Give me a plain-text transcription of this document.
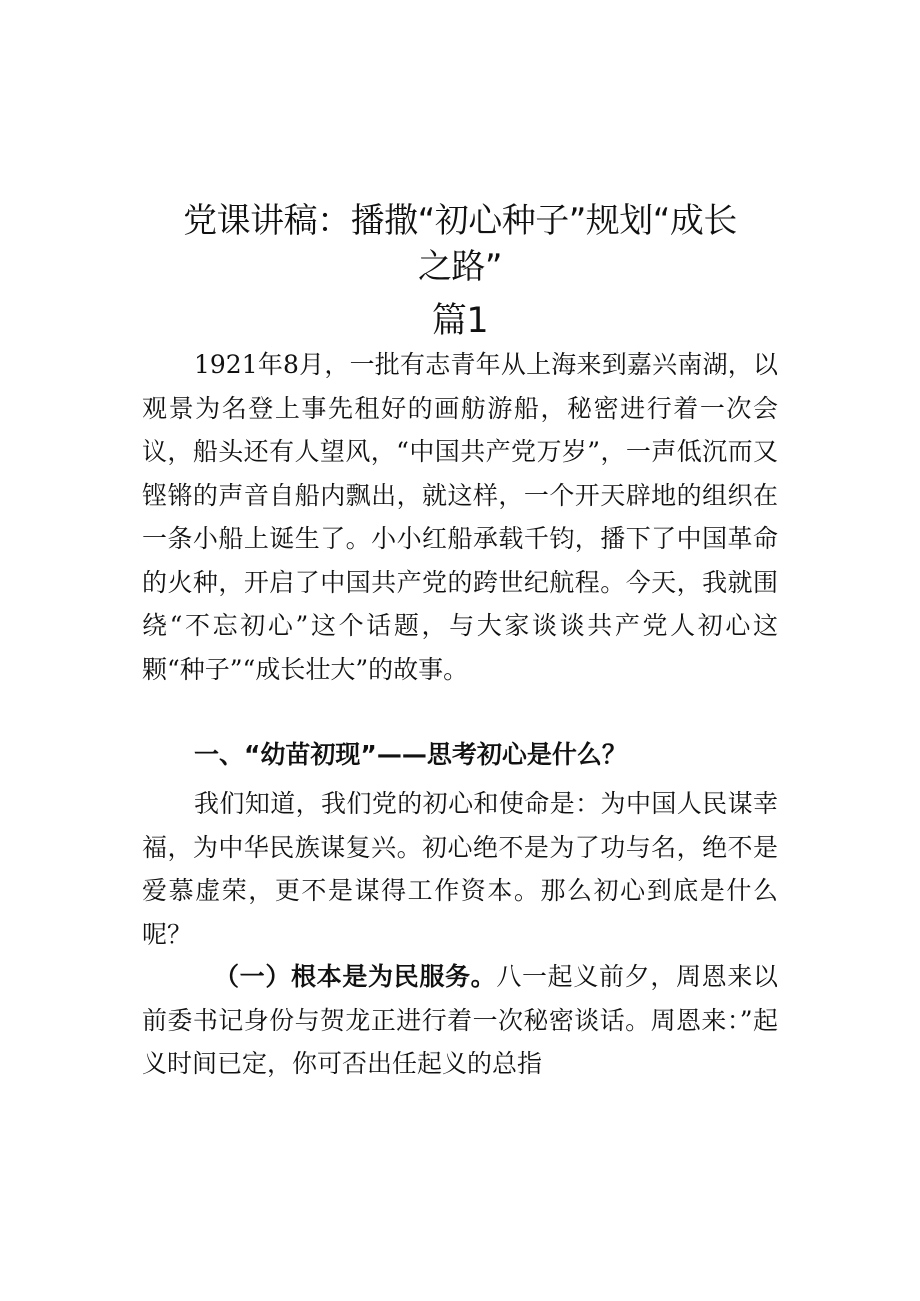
党课讲稿：播撒“初心种子”规划“成长
之路”
篇1

1921年8月，一批有志青年从上海来到嘉兴南湖，以观景为名登上事先租好的画舫游船，秘密进行着一次会议，船头还有人望风，“中国共产党万岁”，一声低沉而又铿锵的声音自船内飘出，就这样，一个开天辟地的组织在一条小船上诞生了。小小红船承载千钧，播下了中国革命的火种，开启了中国共产党的跨世纪航程。今天，我就围绕“不忘初心”这个话题，与大家谈谈共产党人初心这颗“种子”“成长壮大”的故事。

一、“幼苗初现”——思考初心是什么？

我们知道，我们党的初心和使命是：为中国人民谋幸福，为中华民族谋复兴。初心绝不是为了功与名，绝不是爱慕虚荣，更不是谋得工作资本。那么初心到底是什么呢？

（一）根本是为民服务。八一起义前夕，周恩来以前委书记身份与贺龙正进行着一次秘密谈话。周恩来：”起义时间已定，你可否出任起义的总指
